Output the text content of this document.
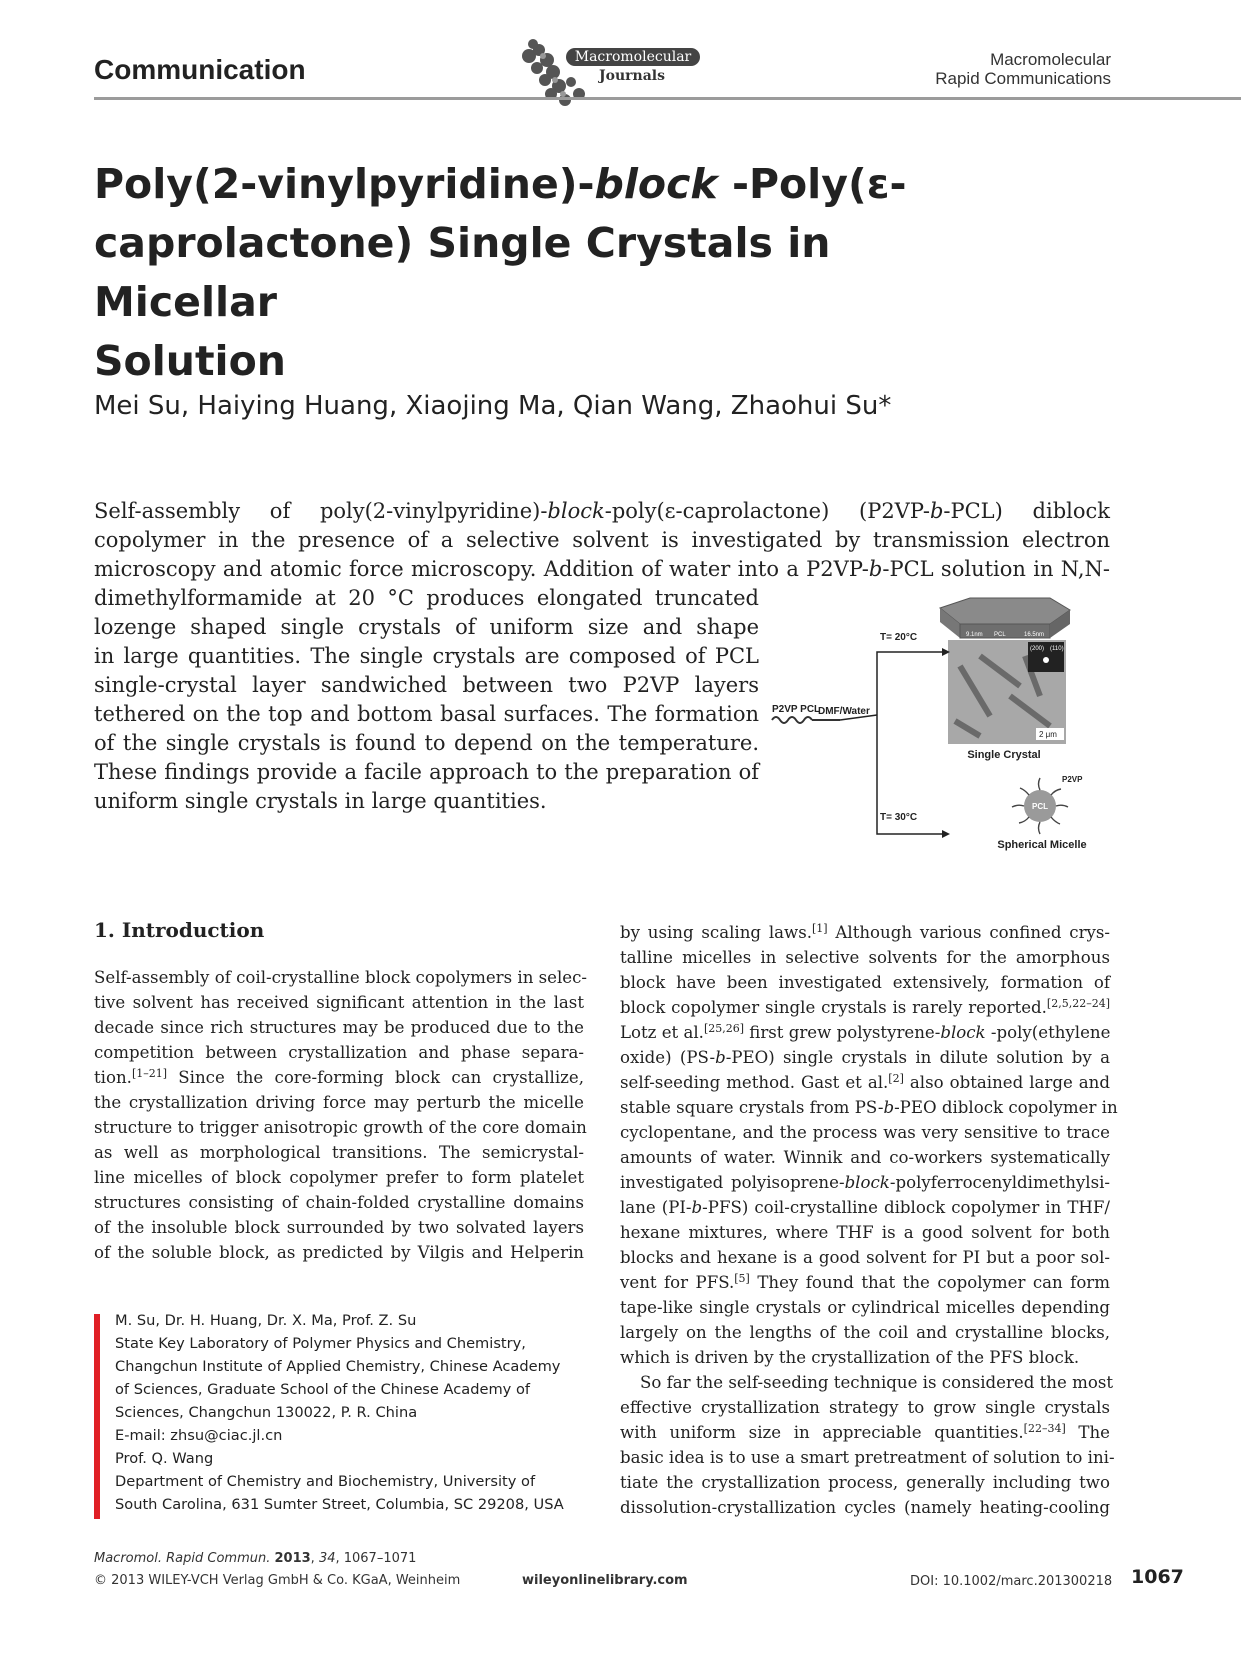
Communication	Macromolecular
Journals
Macromolecular
Rapid Communications
Poly(2-vinylpyridine)-block -Poly(ε-
caprolactone) Single Crystals in Micellar
Solution
Mei Su, Haiying Huang, Xiaojing Ma, Qian Wang, Zhaohui Su*
Self-assembly of poly(2-vinylpyridine)-block-poly(ε-caprolactone) (P2VP-b-PCL) diblock
copolymer in the presence of a selective solvent is investigated by transmission electron
microscopy and atomic force microscopy. Addition of water into a P2VP-b-PCL solution in N,N-
dimethylformamide at 20 °C produces elongated truncated
lozenge shaped single crystals of uniform size and shape
in large quantities. The single crystals are composed of PCL
single-crystal layer sandwiched between two P2VP layers
tethered on the top and bottom basal surfaces. The formation
of the single crystals is found to depend on the temperature.
These findings provide a facile approach to the preparation of
uniform single crystals in large quantities.
9.1nm PCL	16.5nm
(200) (110)
2 μm
T= 20°C
T= 30°C
P2VP PCL
DMF/Water
Single Crystal
PCL
P2VP
Spherical Micelle
1. Introduction
Self-assembly of coil-crystalline block copolymers in selec-
tive solvent has received significant attention in the last
decade since rich structures may be produced due to the
competition between crystallization and phase separa-
tion.[1–21] Since the core-forming block can crystallize,
the crystallization driving force may perturb the micelle
structure to trigger anisotropic growth of the core domain
as well as morphological transitions. The semicrystal-
line micelles of block copolymer prefer to form platelet
structures consisting of chain-folded crystalline domains
of the insoluble block surrounded by two solvated layers
of the soluble block, as predicted by Vilgis and Helperin
by using scaling laws.[1] Although various confined crys-
talline micelles in selective solvents for the amorphous
block have been investigated extensively, formation of
block copolymer single crystals is rarely reported.[2,5,22–24]
Lotz et al.[25,26] first grew polystyrene-block -poly(ethylene
oxide) (PS-b-PEO) single crystals in dilute solution by a
self-seeding method. Gast et al.[2] also obtained large and
stable square crystals from PS-b-PEO diblock copolymer in
cyclopentane, and the process was very sensitive to trace
amounts of water. Winnik and co-workers systematically
investigated polyisoprene-block-polyferrocenyldimethylsi-
lane (PI-b-PFS) coil-crystalline diblock copolymer in THF/
hexane mixtures, where THF is a good solvent for both
blocks and hexane is a good solvent for PI but a poor sol-
vent for PFS.[5] They found that the copolymer can form
tape-like single crystals or cylindrical micelles depending
largely on the lengths of the coil and crystalline blocks,
which is driven by the crystallization of the PFS block.
So far the self-seeding technique is considered the most
effective crystallization strategy to grow single crystals
with uniform size in appreciable quantities.[22–34] The
basic idea is to use a smart pretreatment of solution to ini-
tiate the crystallization process, generally including two
dissolution-crystallization cycles (namely heating-cooling
M. Su, Dr. H. Huang, Dr. X. Ma, Prof. Z. Su
State Key Laboratory of Polymer Physics and Chemistry,
Changchun Institute of Applied Chemistry, Chinese Academy
of Sciences, Graduate School of the Chinese Academy of
Sciences, Changchun 130022, P. R. China
E-mail: zhsu@ciac.jl.cn
Prof. Q. Wang
Department of Chemistry and Biochemistry, University of
South Carolina, 631 Sumter Street, Columbia, SC 29208, USA
Macromol. Rapid Commun. 2013, 34, 1067–1071
© 2013 WILEY-VCH Verlag GmbH & Co. KGaA, Weinheim	wileyonlinelibrary.com	DOI: 10.1002/marc.201300218 1067
